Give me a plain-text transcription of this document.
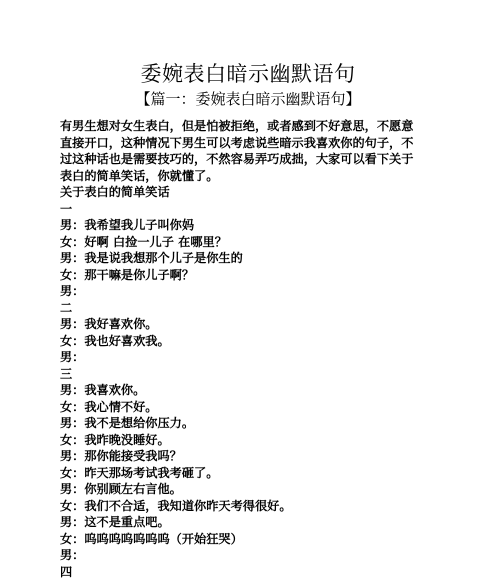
委婉表白暗示幽默语句
【篇一：委婉表白暗示幽默语句】
有男生想对女生表白，但是怕被拒绝，或者感到不好意思，不愿意
直接开口，这种情况下男生可以考虑说些暗示我喜欢你的句子，不
过这种话也是需要技巧的，不然容易弄巧成拙，大家可以看下关于
表白的简单笑话，你就懂了。
关于表白的简单笑话
一
男：我希望我儿子叫你妈
女：好啊 白捡一儿子 在哪里？
男：我是说我想那个儿子是你生的
女：那干嘛是你儿子啊？
男：
二
男：我好喜欢你。
女：我也好喜欢我。
男：
三
男：我喜欢你。
女：我心情不好。
男：我不是想给你压力。
女：我昨晚没睡好。
男：那你能接受我吗？
女：昨天那场考试我考砸了。
男：你别顾左右言他。
女：我们不合适，我知道你昨天考得很好。
男：这不是重点吧。
女：呜呜呜呜呜呜呜（开始狂哭）
男：
四
